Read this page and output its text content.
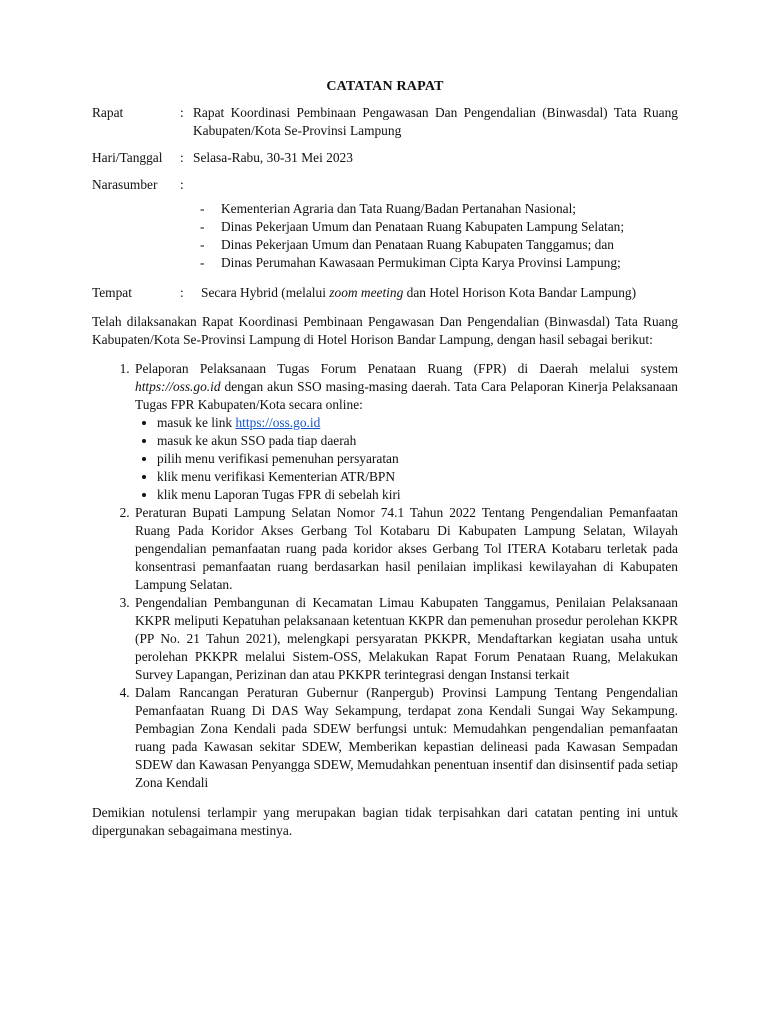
CATATAN RAPAT
Rapat	: Rapat Koordinasi Pembinaan Pengawasan Dan Pengendalian (Binwasdal) Tata Ruang Kabupaten/Kota Se-Provinsi Lampung
Hari/Tanggal	: Selasa-Rabu, 30-31 Mei 2023
Narasumber	:
-	Kementerian Agraria dan Tata Ruang/Badan Pertanahan Nasional;
-	Dinas Pekerjaan Umum dan Penataan Ruang Kabupaten Lampung Selatan;
-	Dinas Pekerjaan Umum dan Penataan Ruang Kabupaten Tanggamus; dan
-	Dinas Perumahan Kawasaan Permukiman Cipta Karya Provinsi Lampung;
Tempat	:	Secara Hybrid (melalui zoom meeting dan Hotel Horison Kota Bandar Lampung)

Telah dilaksanakan Rapat Koordinasi Pembinaan Pengawasan Dan Pengendalian (Binwasdal) Tata Ruang Kabupaten/Kota Se-Provinsi Lampung di Hotel Horison Bandar Lampung, dengan hasil sebagai berikut:

1. Pelaporan Pelaksanaan Tugas Forum Penataan Ruang (FPR) di Daerah melalui system https://oss.go.id dengan akun SSO masing-masing daerah. Tata Cara Pelaporan Kinerja Pelaksanaan Tugas FPR Kabupaten/Kota secara online:
• masuk ke link https://oss.go.id
• masuk ke akun SSO pada tiap daerah
• pilih menu verifikasi pemenuhan persyaratan
• klik menu verifikasi Kementerian ATR/BPN
• klik menu Laporan Tugas FPR di sebelah kiri
2. Peraturan Bupati Lampung Selatan Nomor 74.1 Tahun 2022 Tentang Pengendalian Pemanfaatan Ruang Pada Koridor Akses Gerbang Tol Kotabaru Di Kabupaten Lampung Selatan, Wilayah pengendalian pemanfaatan ruang pada koridor akses Gerbang Tol ITERA Kotabaru terletak pada konsentrasi pemanfaatan ruang berdasarkan hasil penilaian implikasi kewilayahan di Kabupaten Lampung Selatan.
3. Pengendalian Pembangunan di Kecamatan Limau Kabupaten Tanggamus, Penilaian Pelaksanaan KKPR meliputi Kepatuhan pelaksanaan ketentuan KKPR dan pemenuhan prosedur perolehan KKPR (PP No. 21 Tahun 2021), melengkapi persyaratan PKKPR, Mendaftarkan kegiatan usaha untuk perolehan PKKPR melalui Sistem-OSS, Melakukan Rapat Forum Penataan Ruang, Melakukan Survey Lapangan, Perizinan dan atau PKKPR terintegrasi dengan Instansi terkait
4. Dalam Rancangan Peraturan Gubernur (Ranpergub) Provinsi Lampung Tentang Pengendalian Pemanfaatan Ruang Di DAS Way Sekampung, terdapat zona Kendali Sungai Way Sekampung. Pembagian Zona Kendali pada SDEW berfungsi untuk: Memudahkan pengendalian pemanfaatan ruang pada Kawasan sekitar SDEW, Memberikan kepastian delineasi pada Kawasan Sempadan SDEW dan Kawasan Penyangga SDEW, Memudahkan penentuan insentif dan disinsentif pada setiap Zona Kendali

Demikian notulensi terlampir yang merupakan bagian tidak terpisahkan dari catatan penting ini untuk dipergunakan sebagaimana mestinya.
